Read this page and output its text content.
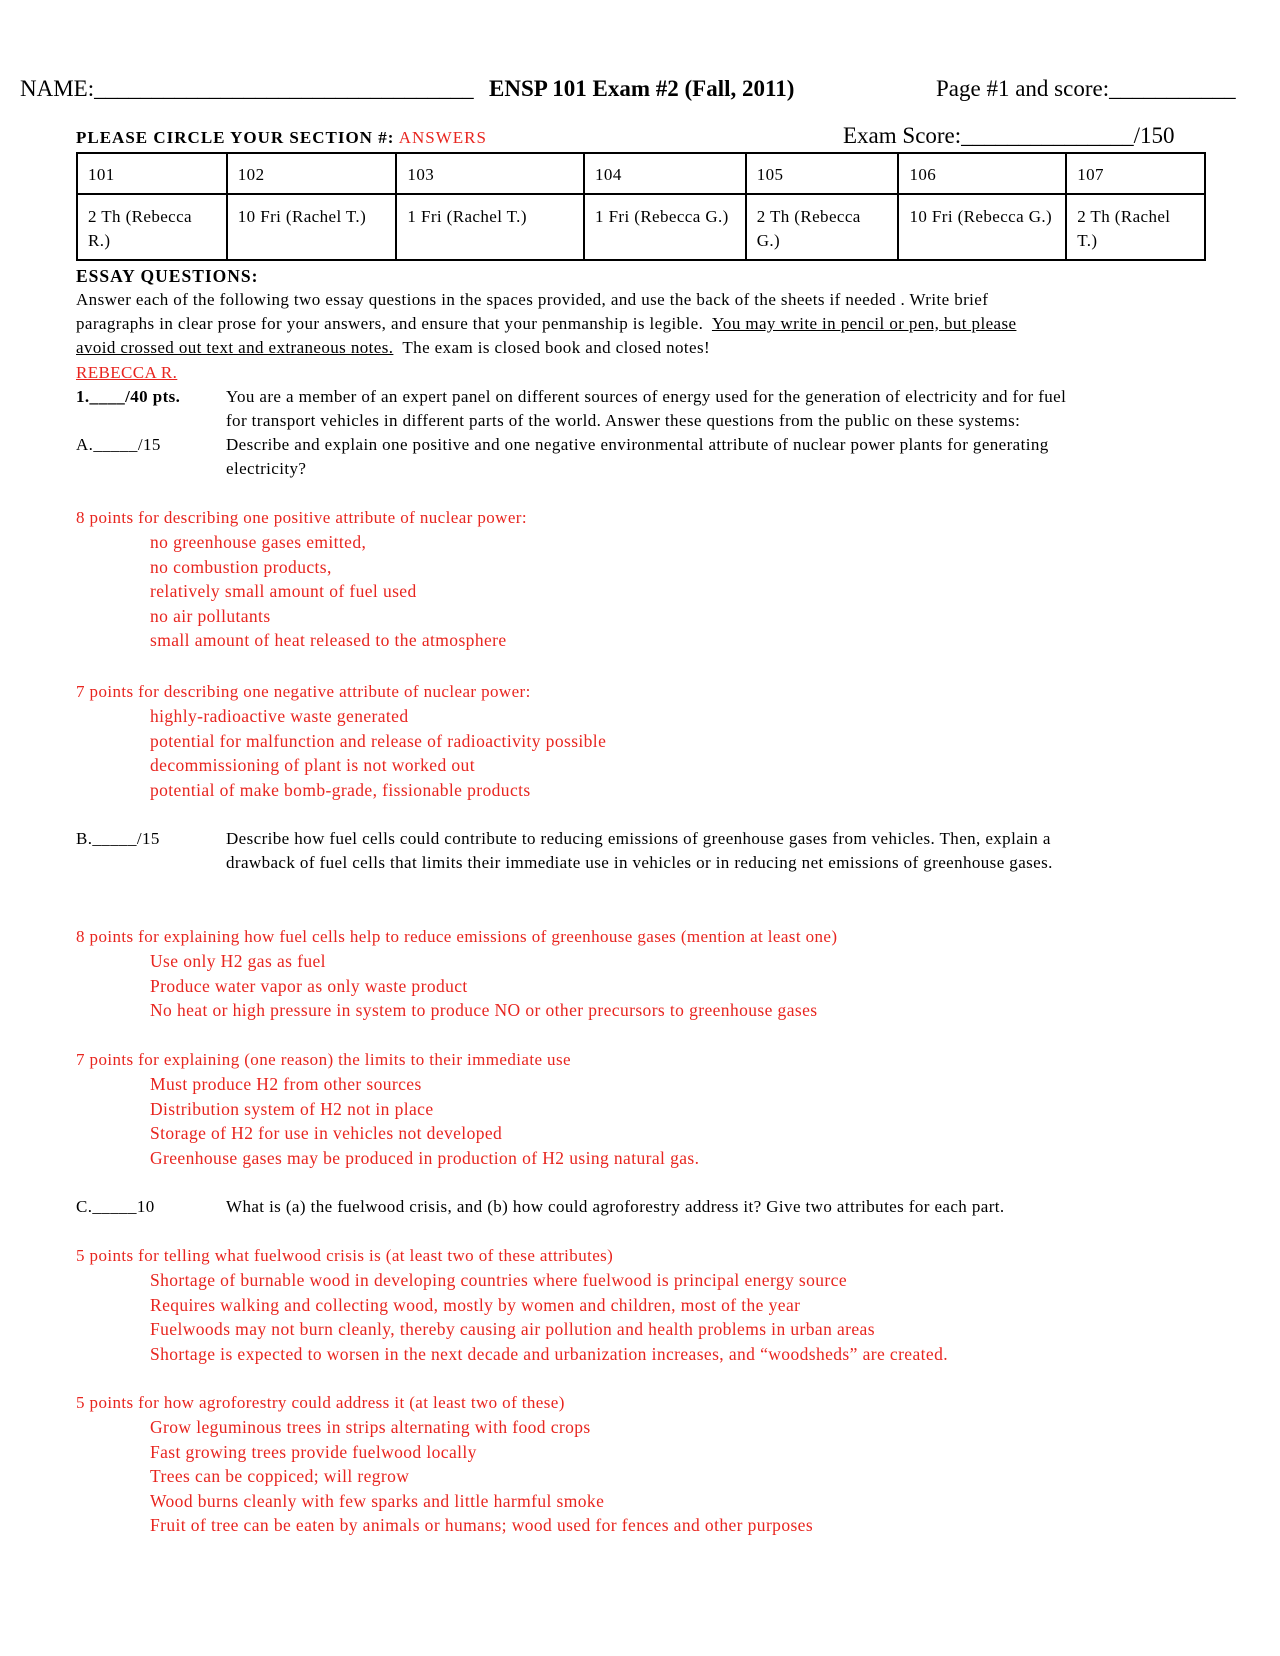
NAME:_________________________________ ENSP 101 Exam #2 (Fall, 2011)	Page #1 and score:___________
PLEASE CIRCLE YOUR SECTION #: ANSWERS	Exam Score:_______________/150
101	102	103	104	105	106	107
2 Th (Rebecca R.)	10 Fri (Rachel T.)	1 Fri (Rachel T.)	1 Fri (Rebecca G.)	2 Th (Rebecca G.)	10 Fri (Rebecca G.)	2 Th (Rachel T.)
ESSAY QUESTIONS:
Answer each of the following two essay questions in the spaces provided, and use the back of the sheets if needed . Write brief
paragraphs in clear prose for your answers, and ensure that your penmanship is legible. You may write in pencil or pen, but please
avoid crossed out text and extraneous notes. The exam is closed book and closed notes!
REBECCA R.
1.____/40 pts.	You are a member of an expert panel on different sources of energy used for the generation of electricity and for fuel
for transport vehicles in different parts of the world. Answer these questions from the public on these systems:
A._____/15	Describe and explain one positive and one negative environmental attribute of nuclear power plants for generating
electricity?
8 points for describing one positive attribute of nuclear power:
no greenhouse gases emitted,
no combustion products,
relatively small amount of fuel used
no air pollutants
small amount of heat released to the atmosphere
7 points for describing one negative attribute of nuclear power:
highly-radioactive waste generated
potential for malfunction and release of radioactivity possible
decommissioning of plant is not worked out
potential of make bomb-grade, fissionable products
B._____/15	Describe how fuel cells could contribute to reducing emissions of greenhouse gases from vehicles. Then, explain a
drawback of fuel cells that limits their immediate use in vehicles or in reducing net emissions of greenhouse gases.
8 points for explaining how fuel cells help to reduce emissions of greenhouse gases (mention at least one)
Use only H2 gas as fuel
Produce water vapor as only waste product
No heat or high pressure in system to produce NO or other precursors to greenhouse gases
7 points for explaining (one reason) the limits to their immediate use
Must produce H2 from other sources
Distribution system of H2 not in place
Storage of H2 for use in vehicles not developed
Greenhouse gases may be produced in production of H2 using natural gas.
C._____10	What is (a) the fuelwood crisis, and (b) how could agroforestry address it? Give two attributes for each part.
5 points for telling what fuelwood crisis is (at least two of these attributes)
Shortage of burnable wood in developing countries where fuelwood is principal energy source
Requires walking and collecting wood, mostly by women and children, most of the year
Fuelwoods may not burn cleanly, thereby causing air pollution and health problems in urban areas
Shortage is expected to worsen in the next decade and urbanization increases, and “woodsheds” are created.
5 points for how agroforestry could address it (at least two of these)
Grow leguminous trees in strips alternating with food crops
Fast growing trees provide fuelwood locally
Trees can be coppiced; will regrow
Wood burns cleanly with few sparks and little harmful smoke
Fruit of tree can be eaten by animals or humans; wood used for fences and other purposes
